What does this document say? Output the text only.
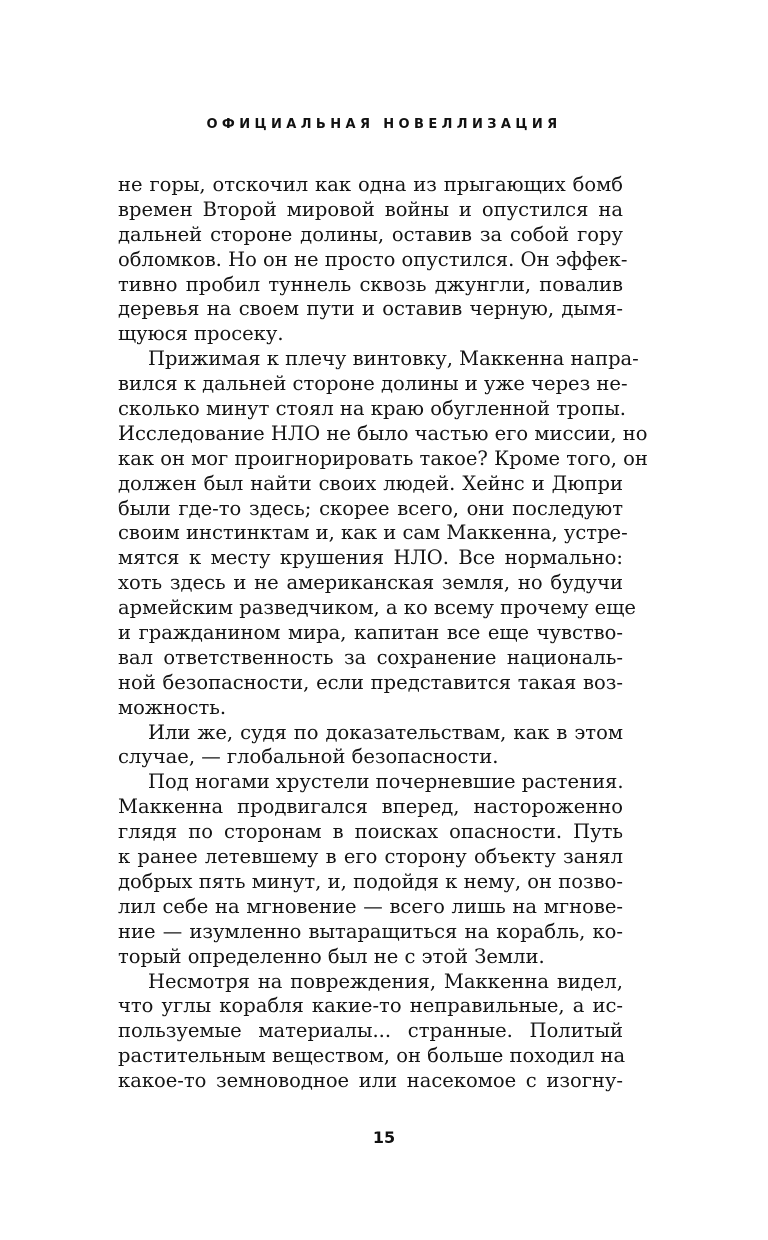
ОФИЦИАЛЬНАЯ НОВЕЛЛИЗАЦИЯ
не горы, отскочил как одна из прыгающих бомб
времен Второй мировой войны и опустился на
дальней стороне долины, оставив за собой гору
обломков. Но он не просто опустился. Он эффек-
тивно пробил туннель сквозь джунгли, повалив
деревья на своем пути и оставив черную, дымя-
щуюся просеку.
Прижимая к плечу винтовку, Маккенна напра-
вился к дальней стороне долины и уже через не-
сколько минут стоял на краю обугленной тропы.
Исследование НЛО не было частью его миссии, но
как он мог проигнорировать такое? Кроме того, он
должен был найти своих людей. Хейнс и Дюпри
были где-то здесь; скорее всего, они последуют
своим инстинктам и, как и сам Маккенна, устре-
мятся к месту крушения НЛО. Все нормально:
хоть здесь и не американская земля, но будучи
армейским разведчиком, а ко всему прочему еще
и гражданином мира, капитан все еще чувство-
вал ответственность за сохранение националь-
ной безопасности, если представится такая воз-
можность.
Или же, судя по доказательствам, как в этом
случае, — глобальной безопасности.
Под ногами хрустели почерневшие растения.
Маккенна продвигался вперед, настороженно
глядя по сторонам в поисках опасности. Путь
к ранее летевшему в его сторону объекту занял
добрых пять минут, и, подойдя к нему, он позво-
лил себе на мгновение — всего лишь на мгнове-
ние — изумленно вытаращиться на корабль, ко-
торый определенно был не с этой Земли.
Несмотря на повреждения, Маккенна видел,
что углы корабля какие-то неправильные, а ис-
пользуемые материалы... странные. Политый
растительным веществом, он больше походил на
какое-то земноводное или насекомое с изогну-
15
